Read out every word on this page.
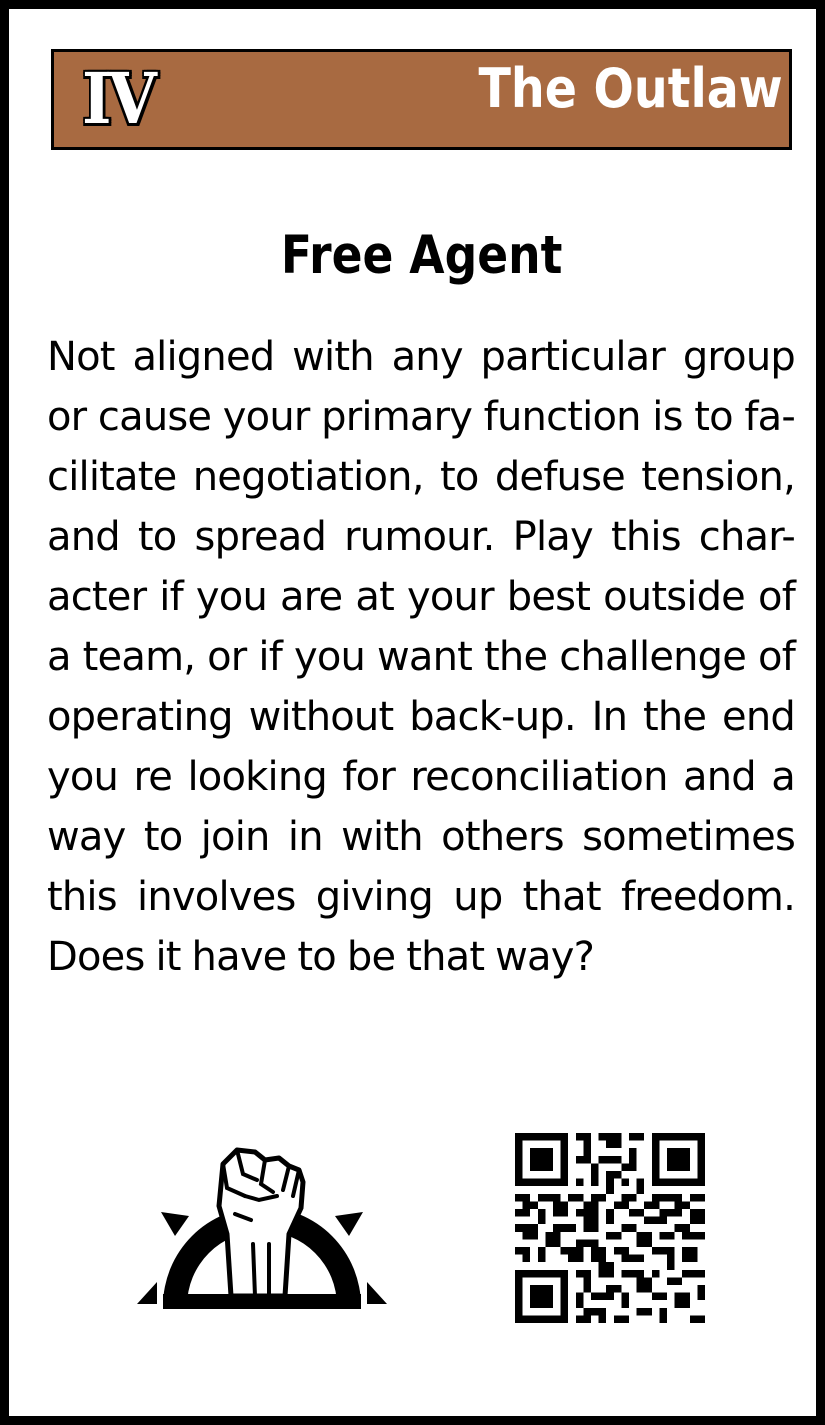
IV	The Outlaw
Free Agent
Not aligned with any particular group
or cause your primary function is to fa-
cilitate negotiation, to defuse tension,
and to spread rumour. Play this char-
acter if you are at your best outside of
a team, or if you want the challenge of
operating without back-up. In the end
you re looking for reconciliation and a
way to join in with others sometimes
this involves giving up that freedom.
Does it have to be that way?
